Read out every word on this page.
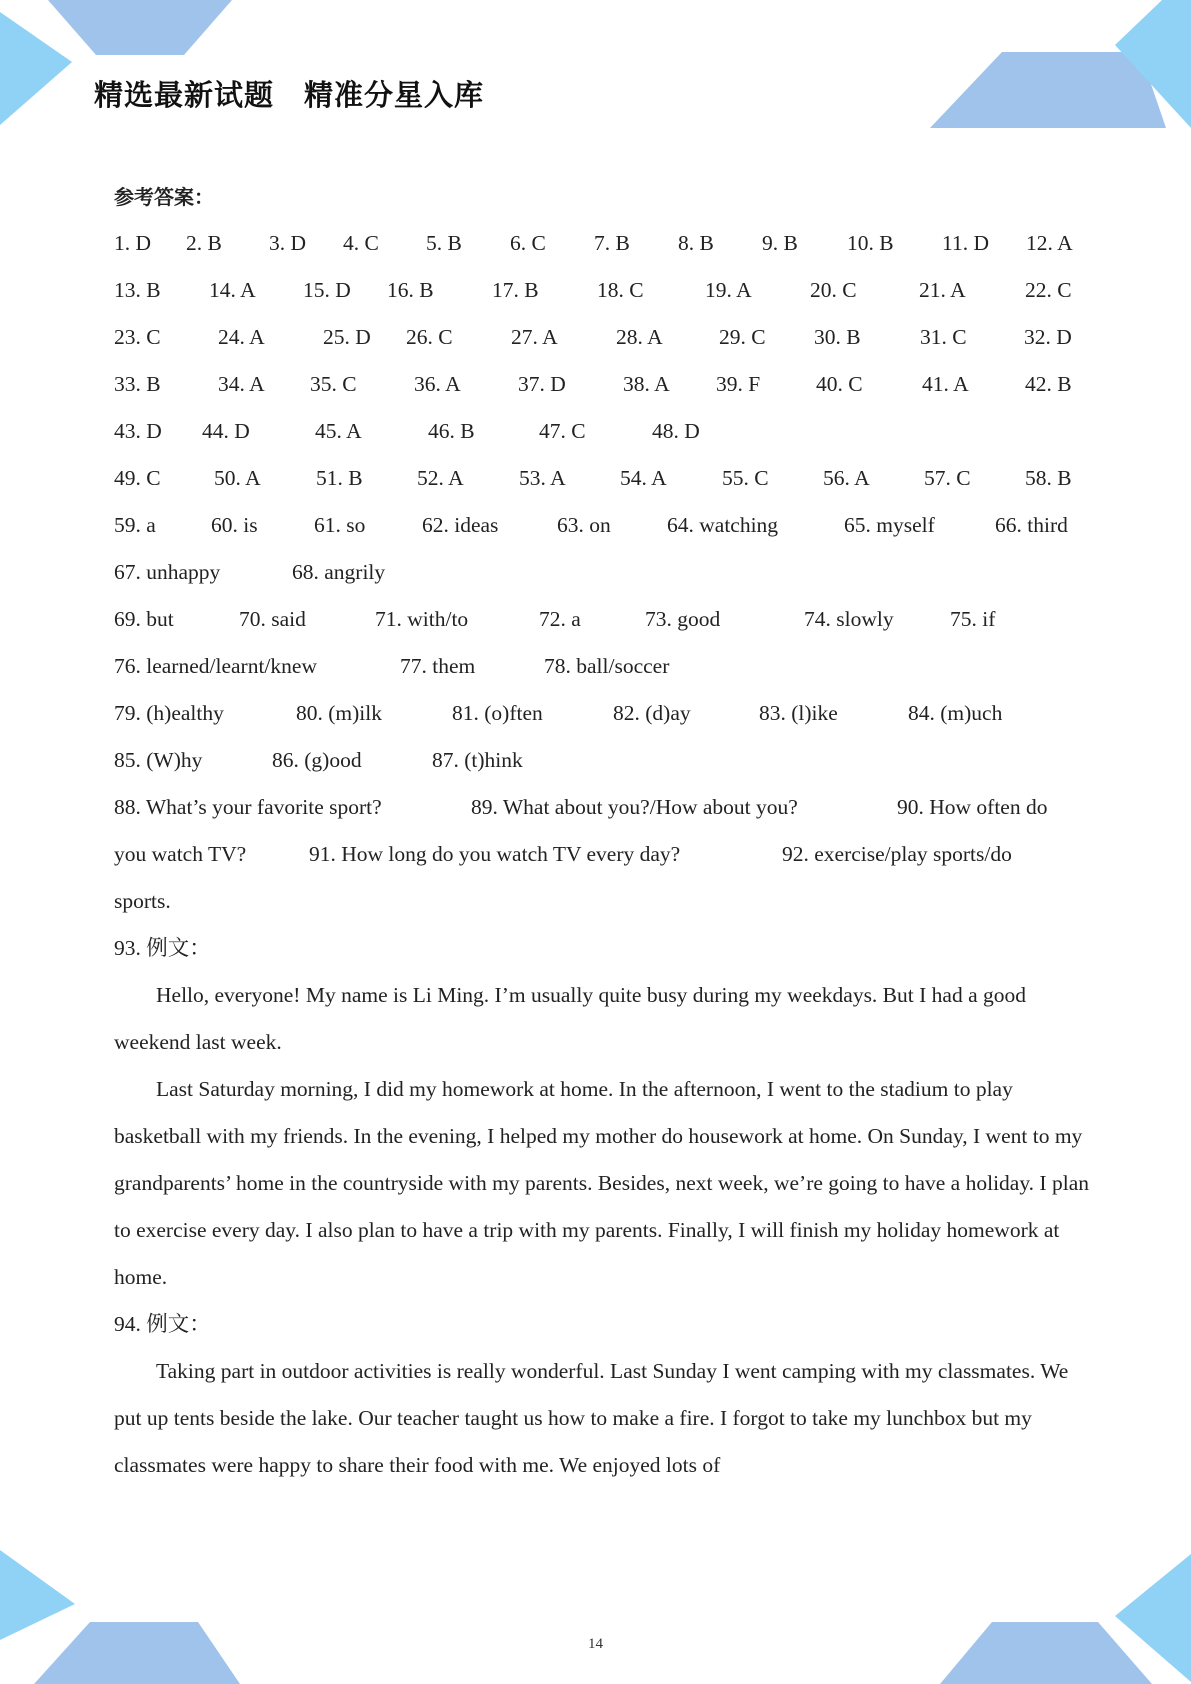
精选最新试题　精准分星入库
参考答案：
1. D 2. B 3. D 4. C 5. B 6. C 7. B 8. B 9. B 10. B 11. D 12. A
13. B 14. A 15. D 16. B	17. B	18. C	19. A	20. C	21. A	22. C
23. C	24. A	25. D 26. C	27. A	28. A	29. C 30. B	31. C	32. D
33. B	34. A 35. C	36. A	37. D	38. A 39. F	40. C	41. A	42. B
43. D 44. D	45. A	46. B	47. C	48. D
49. C 50. A	51. B	52. A	53. A	54. A	55. C	56. A	57. C	58. B
59. a	60. is	61. so	62. ideas	63. on	64. watching	65. myself	66. third
67. unhappy	68. angrily
69. but	70. said	71. with/to	72. a	73. good	74. slowly	75. if
76. learned/learnt/knew	77. them	78. ball/soccer
79. (h)ealthy	80. (m)ilk	81. (o)ften	82. (d)ay	83. (l)ike	84. (m)uch
85. (W)hy	86. (g)ood	87. (t)hink
88. What’s your favorite sport?	89. What about you?/How about you?	90. How often do
you watch TV?	91. How long do you watch TV every day?	92. exercise/play sports/do
sports.
93. 例文：
Hello, everyone! My name is Li Ming. I’m usually quite busy during my weekdays. But I had a good weekend last week.
Last Saturday morning, I did my homework at home. In the afternoon, I went to the stadium to play basketball with my friends. In the evening, I helped my mother do housework at home. On Sunday, I went to my grandparents’ home in the countryside with my parents. Besides, next week, we’re going to have a holiday. I plan to exercise every day. I also plan to have a trip with my parents. Finally, I will finish my holiday homework at home.
94. 例文：
Taking part in outdoor activities is really wonderful. Last Sunday I went camping with my classmates. We put up tents beside the lake. Our teacher taught us how to make a fire. I forgot to take my lunchbox but my classmates were happy to share their food with me. We enjoyed lots of
14
